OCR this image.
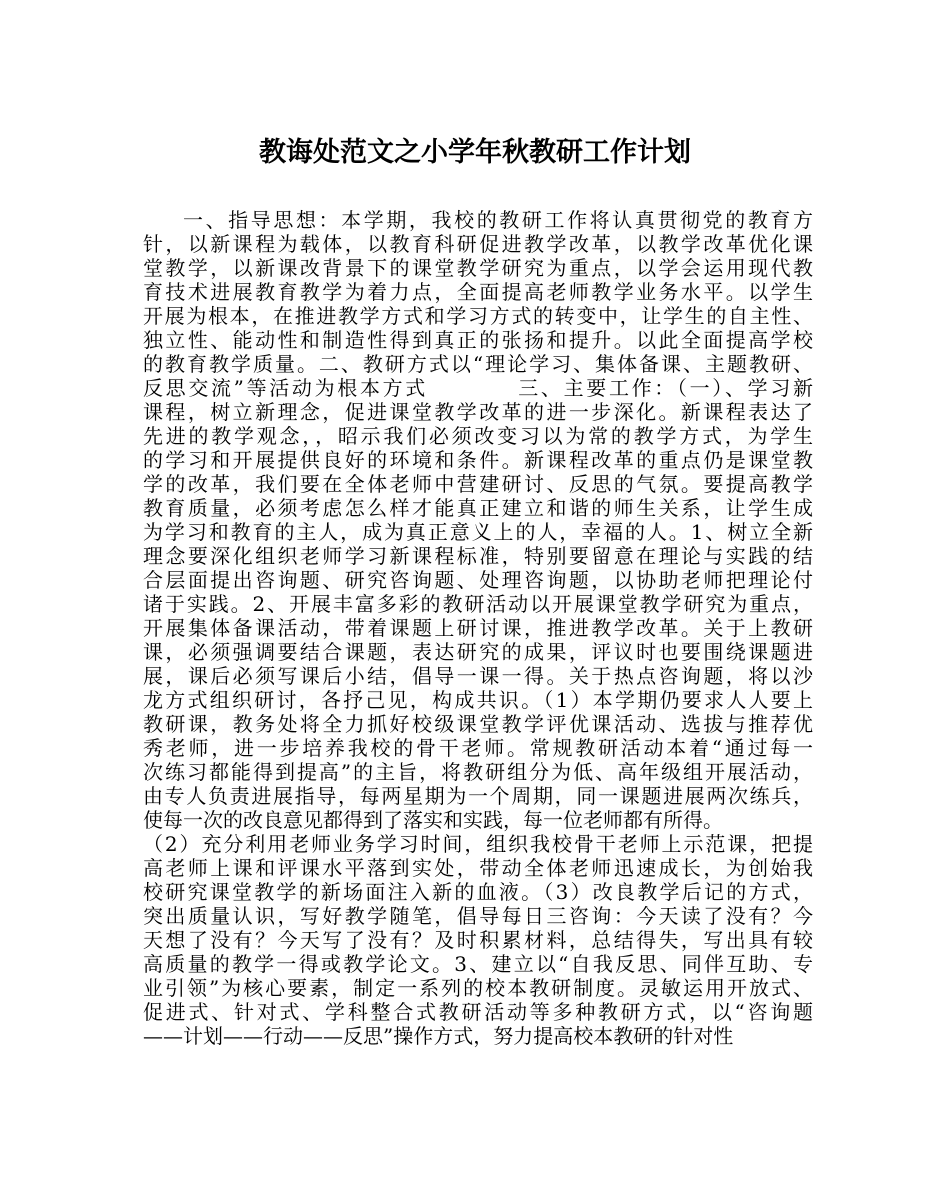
教诲处范文之小学年秋教研工作计划
一、指导思想：本学期，我校的教研工作将认真贯彻党的教育方
针，以新课程为载体，以教育科研促进教学改革，以教学改革优化课
堂教学，以新课改背景下的课堂教学研究为重点，以学会运用现代教
育技术进展教育教学为着力点，全面提高老师教学业务水平。以学生
开展为根本，在推进教学方式和学习方式的转变中，让学生的自主性、
独立性、能动性和制造性得到真正的张扬和提升。以此全面提高学校
的教育教学质量。二、教研方式以“理论学习、集体备课、主题教研、
反思交流”等活动为根本方式          三、主要工作：（一）、学习新
课程，树立新理念，促进课堂教学改革的进一步深化。新课程表达了
先进的教学观念，，昭示我们必须改变习以为常的教学方式，为学生
的学习和开展提供良好的环境和条件。新课程改革的重点仍是课堂教
学的改革，我们要在全体老师中营建研讨、反思的气氛。要提高教学
教育质量，必须考虑怎么样才能真正建立和谐的师生关系，让学生成
为学习和教育的主人，成为真正意义上的人，幸福的人。1、树立全新
理念要深化组织老师学习新课程标准，特别要留意在理论与实践的结
合层面提出咨询题、研究咨询题、处理咨询题，以协助老师把理论付
诸于实践。2、开展丰富多彩的教研活动以开展课堂教学研究为重点，
开展集体备课活动，带着课题上研讨课，推进教学改革。关于上教研
课，必须强调要结合课题，表达研究的成果，评议时也要围绕课题进
展，课后必须写课后小结，倡导一课一得。关于热点咨询题，将以沙
龙方式组织研讨，各抒己见，构成共识。（1）本学期仍要求人人要上
教研课，教务处将全力抓好校级课堂教学评优课活动、选拔与推荐优
秀老师，进一步培养我校的骨干老师。常规教研活动本着“通过每一
次练习都能得到提高”的主旨，将教研组分为低、高年级组开展活动，
由专人负责进展指导，每两星期为一个周期，同一课题进展两次练兵，
使每一次的改良意见都得到了落实和实践，每一位老师都有所得。
（2）充分利用老师业务学习时间，组织我校骨干老师上示范课，把提
高老师上课和评课水平落到实处，带动全体老师迅速成长，为创始我
校研究课堂教学的新场面注入新的血液。（3）改良教学后记的方式，
突出质量认识，写好教学随笔，倡导每日三咨询：今天读了没有？今
天想了没有？今天写了没有？及时积累材料，总结得失，写出具有较
高质量的教学一得或教学论文。3、建立以“自我反思、同伴互助、专
业引领”为核心要素，制定一系列的校本教研制度。灵敏运用开放式、
促进式、针对式、学科整合式教研活动等多种教研方式，以“咨询题
——计划——行动——反思”操作方式，努力提高校本教研的针对性
